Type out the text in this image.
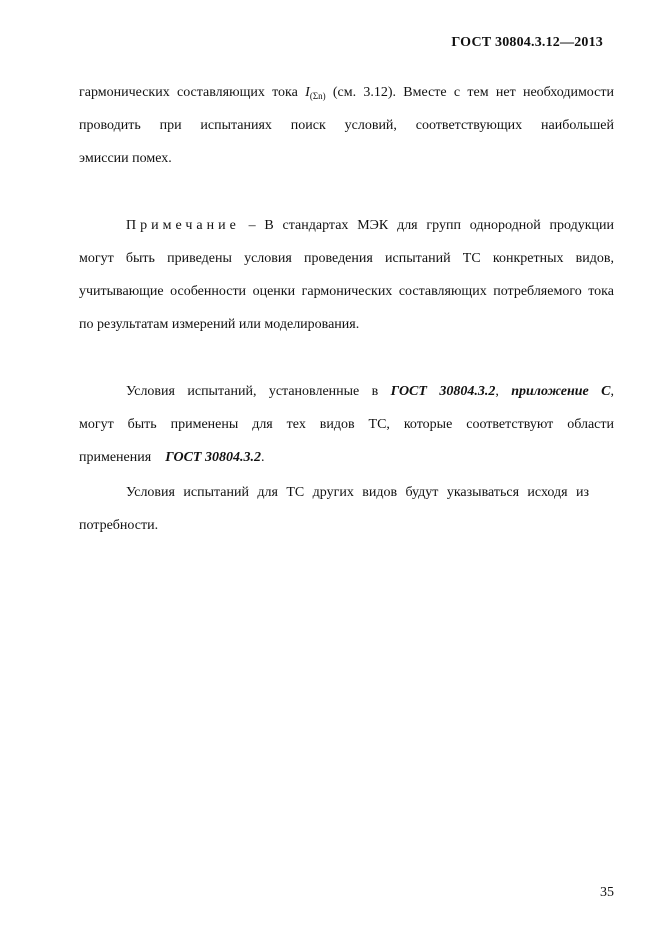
ГОСТ 30804.3.12—2013
гармонических составляющих тока $I_{(\Sigma n)}$ (см. 3.12). Вместе с тем нет необходимости
проводить при испытаниях поиск условий, соответствующих наибольшей
эмиссии помех.
Примечание – В стандартах МЭК для групп однородной продукции
могут быть приведены условия проведения испытаний ТС конкретных видов,
учитывающие особенности оценки гармонических составляющих потребляемого тока
по результатам измерений или моделирования.
Условия испытаний, установленные в ГОСТ 30804.3.2, приложение С,
могут быть применены для тех видов ТС, которые соответствуют области
применения    ГОСТ 30804.3.2.
Условия испытаний для ТС других видов будут указываться исходя из
потребности.
35
